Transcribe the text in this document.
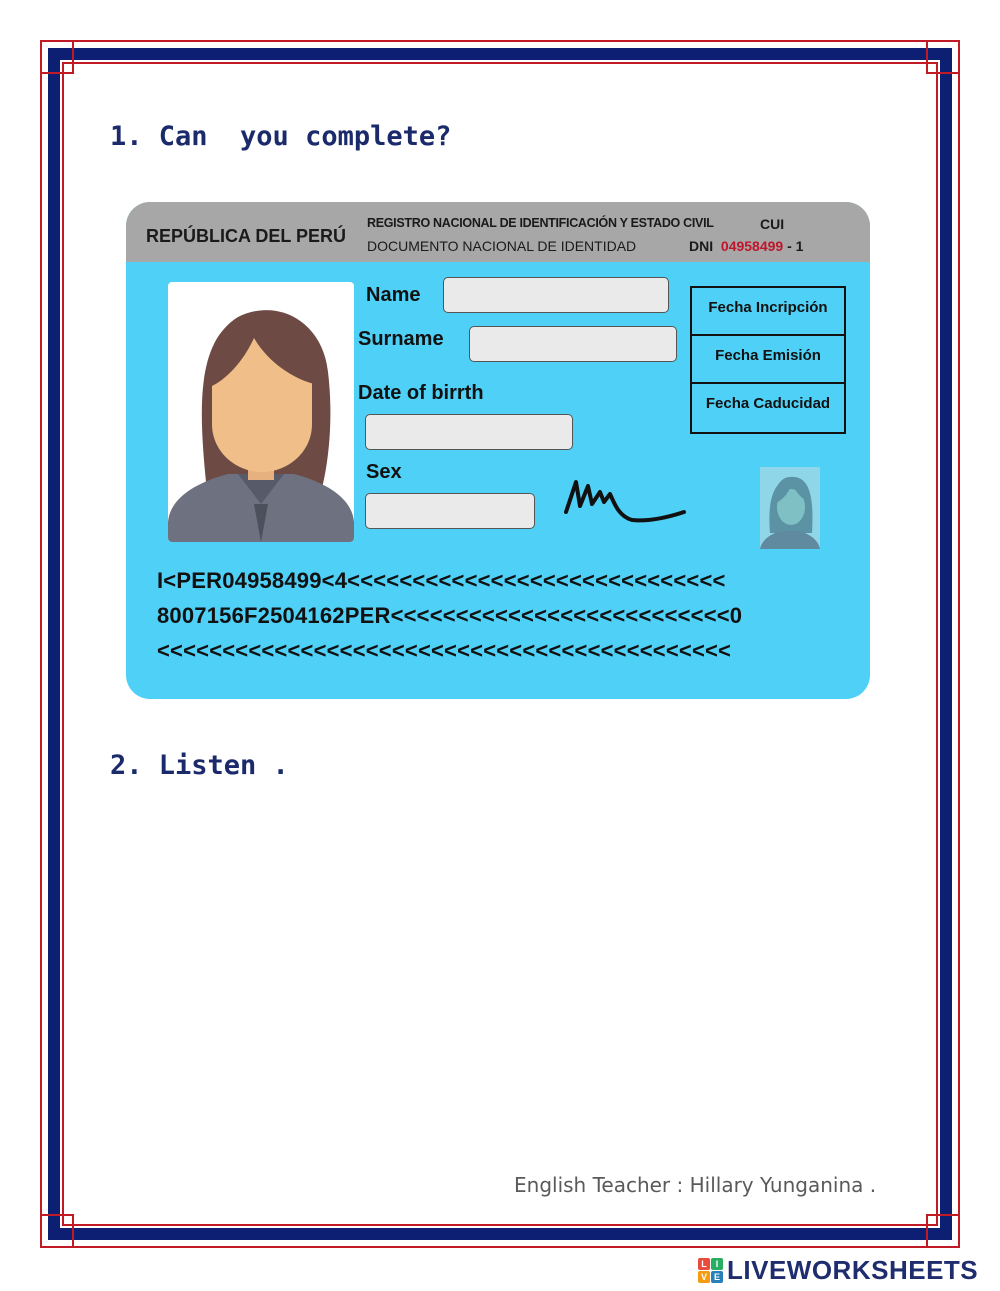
1. Can  you complete?
REPÚBLICA DEL PERÚ
REGISTRO NACIONAL DE IDENTIFICACIÓN Y ESTADO CIVIL
DOCUMENTO NACIONAL DE IDENTIDAD
CUI
DNI 04958499 - 1
Name
Surname
Date of birrth
Sex
Fecha Incripción
Fecha Emisión
Fecha Caducidad
I<PER04958499<4<<<<<<<<<<<<<<<<<<<<<<<<<<<<<
8007156F2504162PER<<<<<<<<<<<<<<<<<<<<<<<<<<0
<<<<<<<<<<<<<<<<<<<<<<<<<<<<<<<<<<<<<<<<<<<<
2. Listen .
English Teacher : Hillary Yunganina .
L I
V E LIVEWORKSHEETS
